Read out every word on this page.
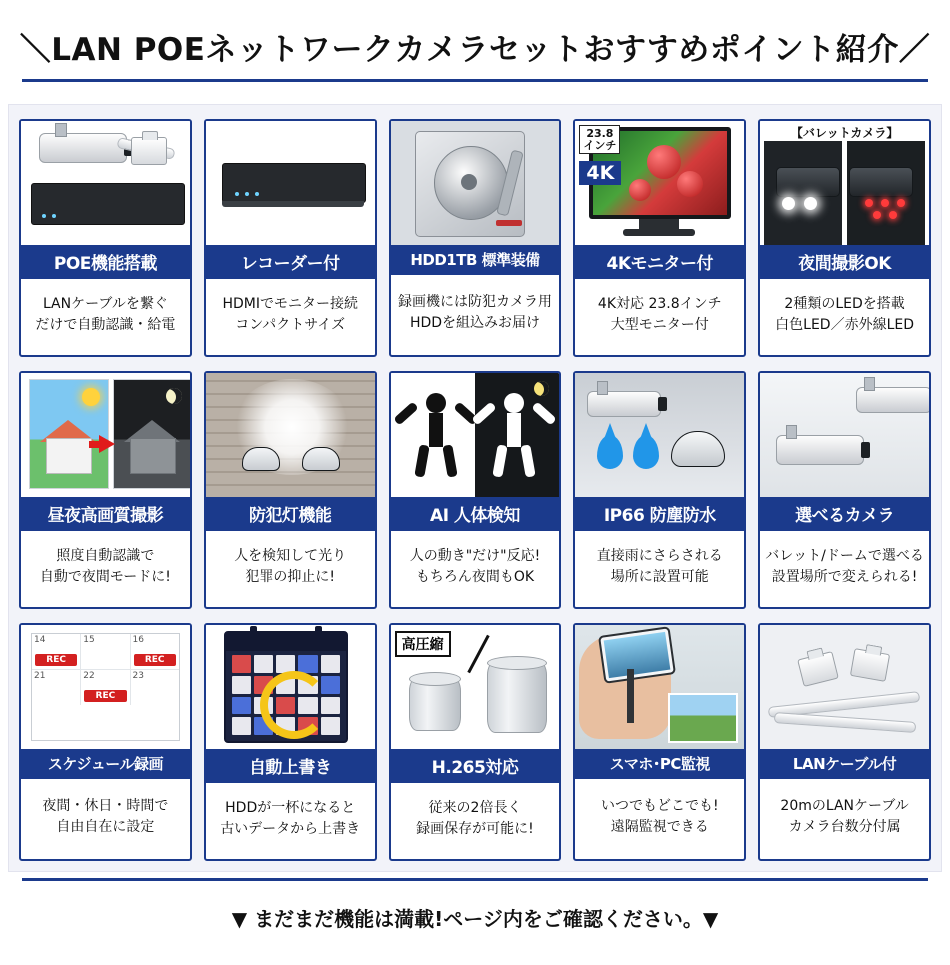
＼LAN POEネットワークカメラセットおすすめポイント紹介／
POE機能搭載
LANケーブルを繋ぐ
だけで自動認識・給電
レコーダー付
HDMIでモニター接続
コンパクトサイズ
HDD1TB 標準装備
録画機には防犯カメラ用
HDDを組込みお届け
23.8
インチ
4K
4Kモニター付
4K対応 23.8インチ
大型モニター付
【バレットカメラ】
夜間撮影OK
2種類のLEDを搭載
白色LED／赤外線LED
昼夜高画質撮影
照度自動認識で
自動で夜間モードに!
防犯灯機能
人を検知して光り
犯罪の抑止に!
AI 人体検知
人の動き"だけ"反応!
もちろん夜間もOK
IP66 防塵防水
直接雨にさらされる
場所に設置可能
選べるカメラ
バレット/ドームで選べる
設置場所で変えられる!
14
REC
15	16
REC
21	22
REC
23
スケジュール録画
夜間・休日・時間で
自由自在に設定
自動上書き
HDDが一杯になると
古いデータから上書き
高圧縮
H.265対応
従来の2倍長く
録画保存が可能に!
スマホ･PC監視
いつでもどこでも!
遠隔監視できる
LANケーブル付
20mのLANケーブル
カメラ台数分付属
▼ まだまだ機能は満載!ページ内をご確認ください。▼
